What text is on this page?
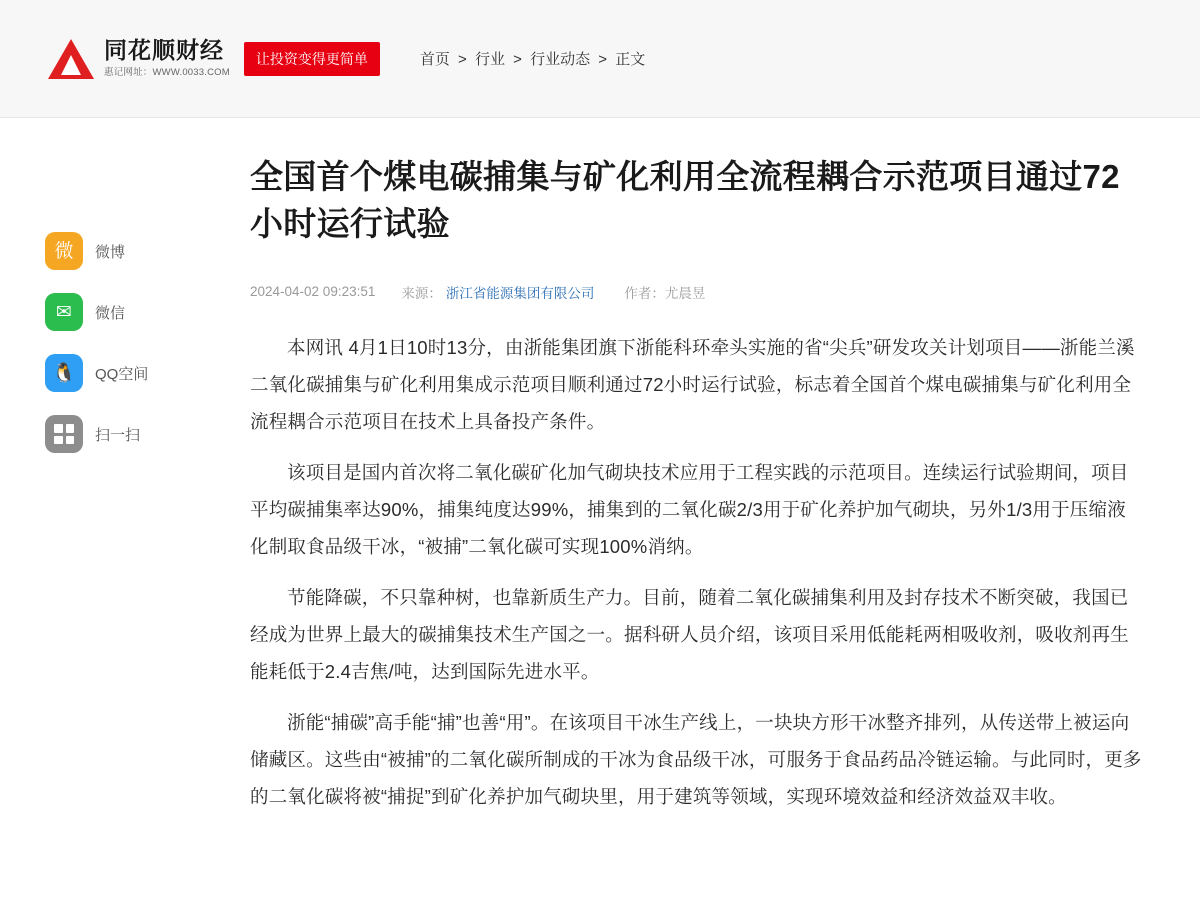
同花顺财经
惠记网址：WWW.0033.COM
让投资变得更简单	首页 > 行业 > 行业动态 > 正文
微 微博
✉ 微信
🐧 QQ空间
扫一扫
全国首个煤电碳捕集与矿化利用全流程耦合示范项目通过72小时运行试验
2024-04-02 09:23:51 来源： 浙江省能源集团有限公司 作者： 尤晨昱

本网讯 4月1日10时13分，由浙能集团旗下浙能科环牵头实施的省“尖兵”研发攻关计划项目——浙能兰溪二氧化碳捕集与矿化利用集成示范项目顺利通过72小时运行试验，标志着全国首个煤电碳捕集与矿化利用全流程耦合示范项目在技术上具备投产条件。

该项目是国内首次将二氧化碳矿化加气砌块技术应用于工程实践的示范项目。连续运行试验期间，项目平均碳捕集率达90%，捕集纯度达99%，捕集到的二氧化碳2/3用于矿化养护加气砌块，另外1/3用于压缩液化制取食品级干冰，“被捕”二氧化碳可实现100%消纳。

节能降碳，不只靠种树，也靠新质生产力。目前，随着二氧化碳捕集利用及封存技术不断突破，我国已经成为世界上最大的碳捕集技术生产国之一。据科研人员介绍，该项目采用低能耗两相吸收剂，吸收剂再生能耗低于2.4吉焦/吨，达到国际先进水平。

浙能“捕碳”高手能“捕”也善“用”。在该项目干冰生产线上，一块块方形干冰整齐排列，从传送带上被运向储藏区。这些由“被捕”的二氧化碳所制成的干冰为食品级干冰，可服务于食品药品冷链运输。与此同时，更多的二氧化碳将被“捕捉”到矿化养护加气砌块里，用于建筑等领域，实现环境效益和经济效益双丰收。
